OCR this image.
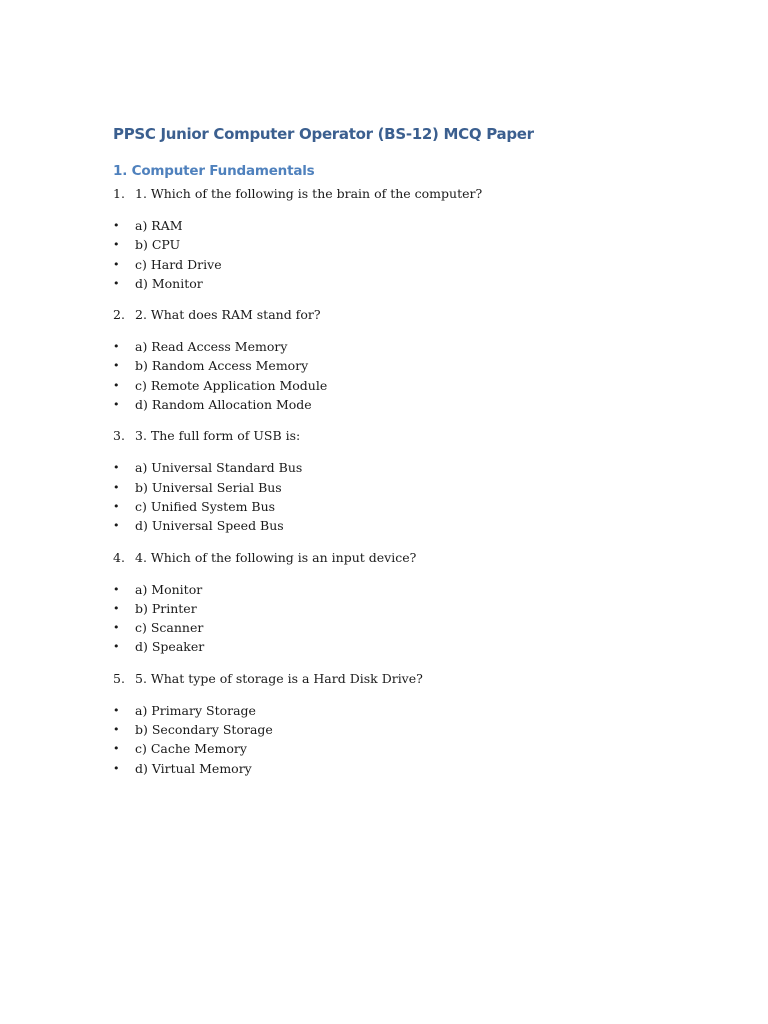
PPSC Junior Computer Operator (BS-12) MCQ Paper
1. Computer Fundamentals
1. 1. Which of the following is the brain of the computer?
• a) RAM
• b) CPU
• c) Hard Drive
• d) Monitor
2. 2. What does RAM stand for?
• a) Read Access Memory
• b) Random Access Memory
• c) Remote Application Module
• d) Random Allocation Mode
3. 3. The full form of USB is:
• a) Universal Standard Bus
• b) Universal Serial Bus
• c) Unified System Bus
• d) Universal Speed Bus
4. 4. Which of the following is an input device?
• a) Monitor
• b) Printer
• c) Scanner
• d) Speaker
5. 5. What type of storage is a Hard Disk Drive?
• a) Primary Storage
• b) Secondary Storage
• c) Cache Memory
• d) Virtual Memory
